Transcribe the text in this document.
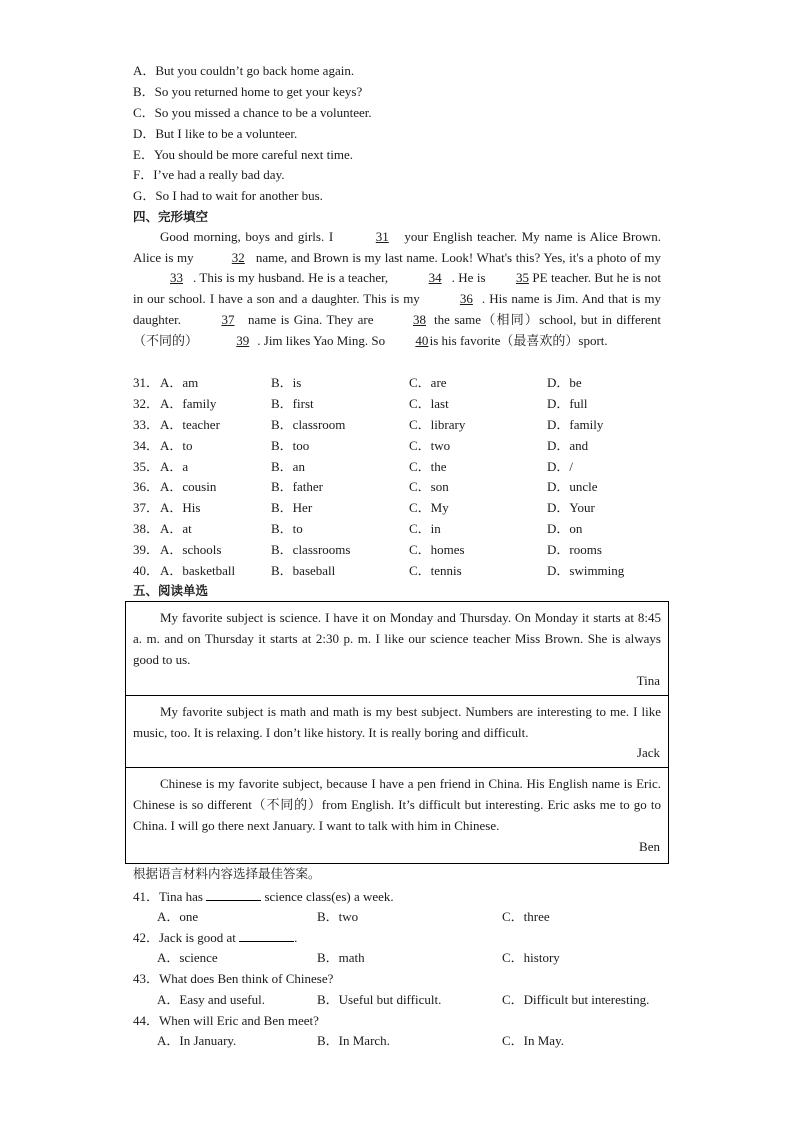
A．But you couldn’t go back home again.
B．So you returned home to get your keys?
C．So you missed a chance to be a volunteer.
D．But I like to be a volunteer.
E．You should be more careful next time.
F．I’ve had a really bad day.
G．So I had to wait for another bus.
四、完形填空
Good morning, boys and girls. I	31 your English teacher. My name is Alice Brown. Alice is my	32 name, and Brown is my last name. Look! What's this? Yes, it's a photo of my 33 . This is my husband. He is a teacher,	34 . He is 35 PE teacher. But he is not in our school. I have a son and a daughter. This is my	36 . His name is Jim. And that is my daughter.	37 name is Gina. They are	38 the same（相同）school, but in different（不同的）	39 . Jim likes Yao Ming. So 40 is his favorite（最喜欢的）sport.
31． A．am	B．is	C．are	D．be
32． A．family	B．first	C．last	D．full
33． A．teacher	B．classroom	C．library	D．family
34． A．to	B．too	C．two	D．and
35． A．a	B．an	C．the	D．/
36． A．cousin	B．father	C．son	D．uncle
37． A．His	B．Her	C．My	D．Your
38． A．at	B．to	C．in	D．on
39． A．schools	B．classrooms	C．homes	D．rooms
40． A．basketball	B．baseball	C．tennis	D．swimming
五、阅读单选
My favorite subject is science. I have it on Monday and Thursday. On Monday it starts at 8:45 a. m. and on Thursday it starts at 2:30 p. m. I like our science teacher Miss Brown. She is always good to us.
Tina
My favorite subject is math and math is my best subject. Numbers are interesting to me. I like music, too. It is relaxing. I don’t like history. It is really boring and difficult.
Jack
Chinese is my favorite subject, because I have a pen friend in China. His English name is Eric. Chinese is so different（不同的）from English. It’s difficult but interesting. Eric asks me to go to China. I will go there next January. I want to talk with him in Chinese.
Ben
根据语言材料内容选择最佳答案。
41．Tina has	science class(es) a week.
A．one	B．two	C．three
42．Jack is good at	.
A．science	B．math	C．history
43．What does Ben think of Chinese?
A．Easy and useful.	B．Useful but difficult.	C．Difficult but interesting.
44．When will Eric and Ben meet?
A．In January.	B．In March.	C．In May.
